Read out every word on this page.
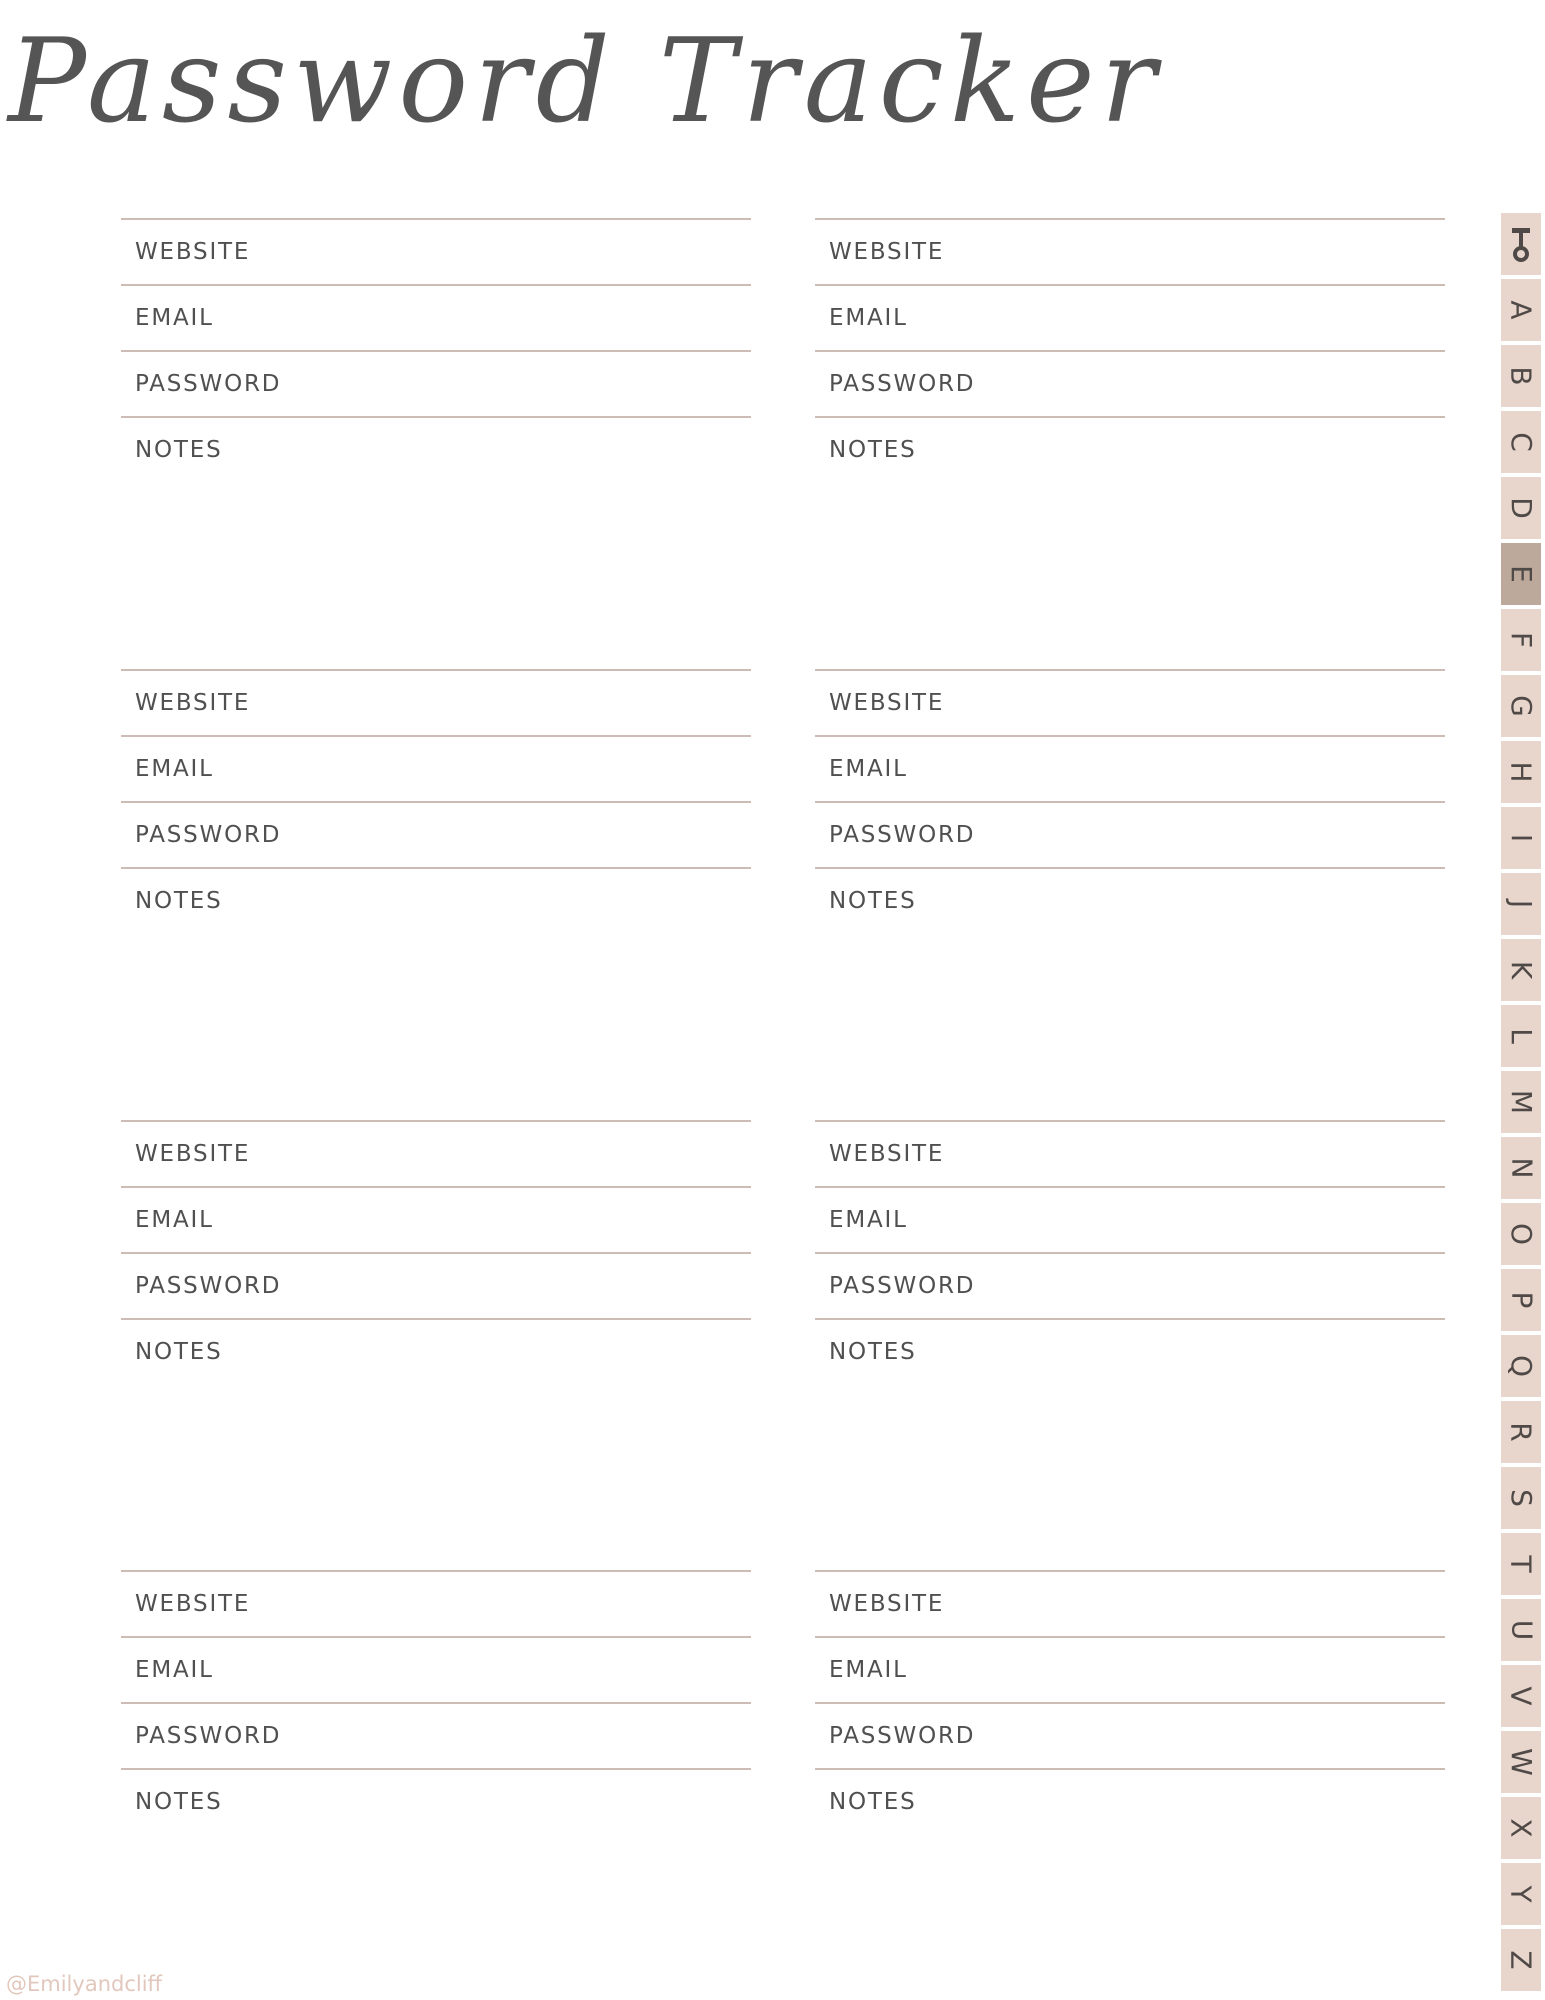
Password Tracker
WEBSITE
EMAIL
PASSWORD
NOTES
WEBSITE
EMAIL
PASSWORD
NOTES
WEBSITE
EMAIL
PASSWORD
NOTES
WEBSITE
EMAIL
PASSWORD
NOTES
WEBSITE
EMAIL
PASSWORD
NOTES
WEBSITE
EMAIL
PASSWORD
NOTES
WEBSITE
EMAIL
PASSWORD
NOTES
WEBSITE
EMAIL
PASSWORD
NOTES
A
B
C
D
E
F
G
H
I
J
K
L
M
N
O
P
Q
R
S
T
U
V
W
X
Y
Z
@Emilyandcliff
